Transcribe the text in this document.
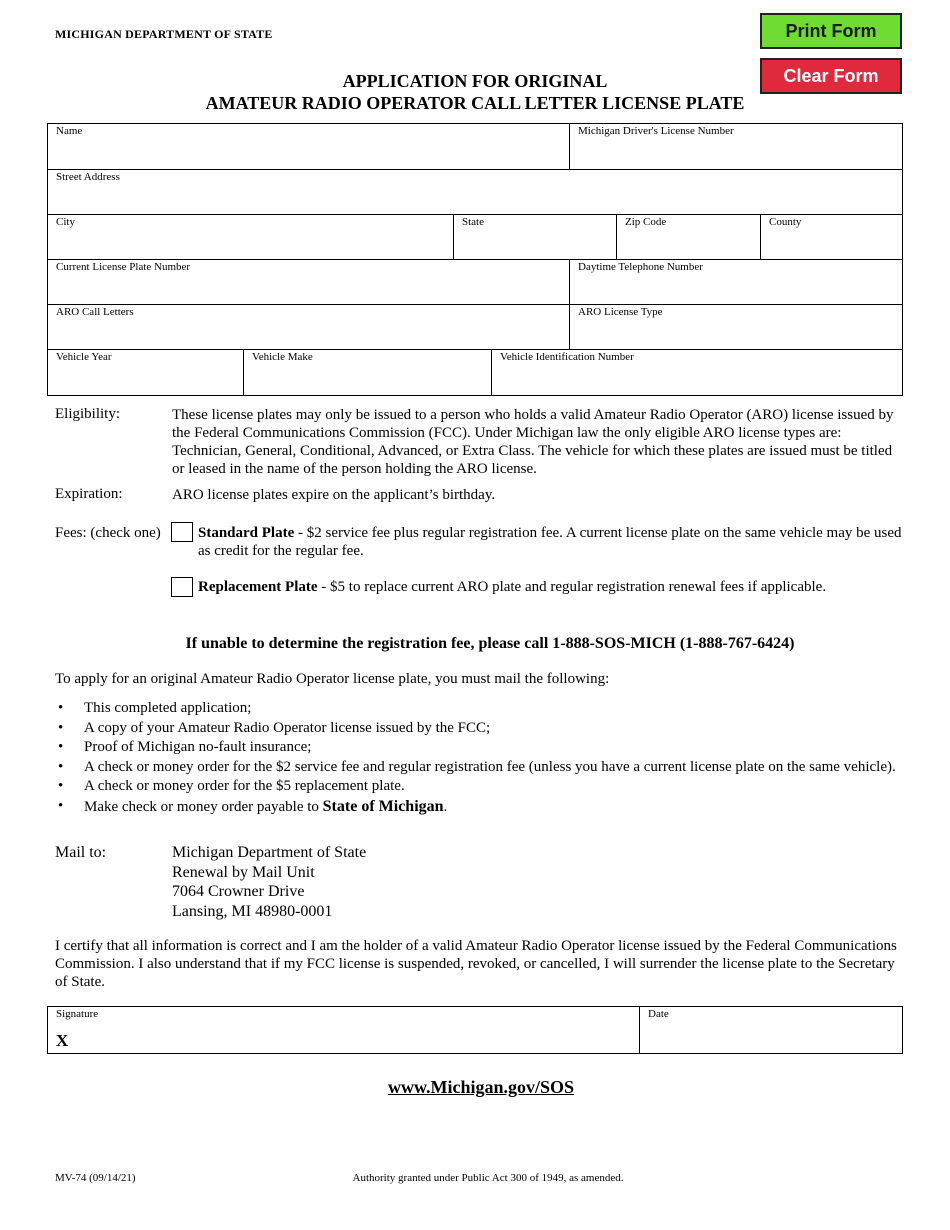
MICHIGAN DEPARTMENT OF STATE	Print Form
Clear Form
APPLICATION FOR ORIGINAL
AMATEUR RADIO OPERATOR CALL LETTER LICENSE PLATE
Name	Michigan Driver's License Number
Street Address
City	State	Zip Code	County
Current License Plate Number	Daytime Telephone Number
ARO Call Letters	ARO License Type
Vehicle Year	Vehicle Make	Vehicle Identification Number
Eligibility:	These license plates may only be issued to a person who holds a valid Amateur Radio Operator (ARO) license issued by the Federal Communications Commission (FCC). Under Michigan law the only eligible ARO license types are: Technician, General, Conditional, Advanced, or Extra Class. The vehicle for which these plates are issued must be titled or leased in the name of the person holding the ARO license.
Expiration:	ARO license plates expire on the applicant’s birthday.
Fees: (check one) Standard Plate - $2 service fee plus regular registration fee. A current license plate on the same vehicle may be used as credit for the regular fee.
Replacement Plate - $5 to replace current ARO plate and regular registration renewal fees if applicable.
If unable to determine the registration fee, please call 1-888-SOS-MICH (1-888-767-6424)
To apply for an original Amateur Radio Operator license plate, you must mail the following:
• This completed application;
• A copy of your Amateur Radio Operator license issued by the FCC;
• Proof of Michigan no-fault insurance;
• A check or money order for the $2 service fee and regular registration fee (unless you have a current license plate on the same vehicle).
• A check or money order for the $5 replacement plate.
• Make check or money order payable to State of Michigan.
Mail to:	Michigan Department of State
Renewal by Mail Unit
7064 Crowner Drive
Lansing, MI 48980-0001
I certify that all information is correct and I am the holder of a valid Amateur Radio Operator license issued by the Federal Communications Commission. I also understand that if my FCC license is suspended, revoked, or cancelled, I will surrender the license plate to the Secretary of State.
Signature
X
Date
www.Michigan.gov/SOS
MV-74 (09/14/21)	Authority granted under Public Act 300 of 1949, as amended.
